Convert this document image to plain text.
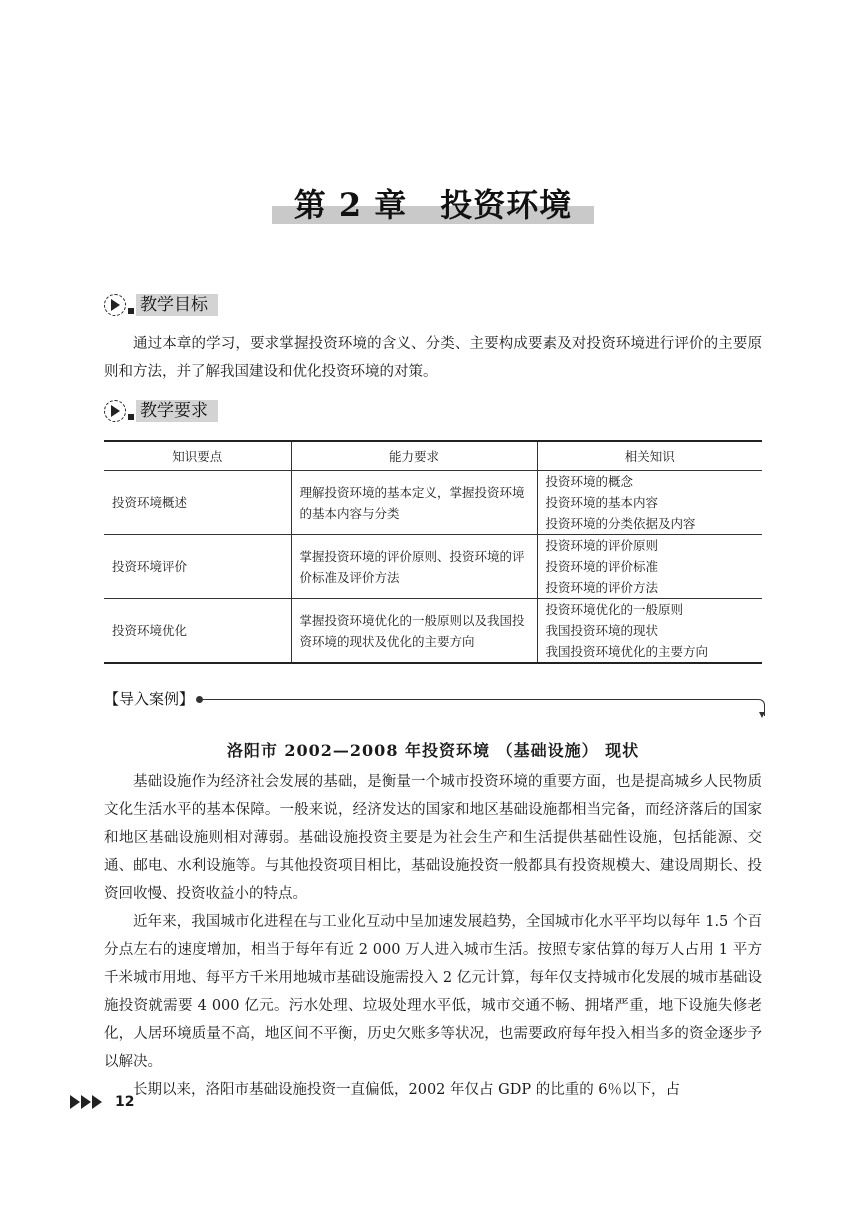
第 2 章　投资环境
教学目标

通过本章的学习，要求掌握投资环境的含义、分类、主要构成要素及对投资环境进行评价的主要原则和方法，并了解我国建设和优化投资环境的对策。

教学要求
知识要点	能力要求	相关知识
投资环境概述	理解投资环境的基本定义，掌握投资环境的基本内容与分类	投资环境的概念
投资环境的基本内容
投资环境的分类依据及内容

投资环境评价	掌握投资环境的评价原则、投资环境的评价标准及评价方法	投资环境的评价原则
投资环境的评价标准
投资环境的评价方法

投资环境优化	掌握投资环境优化的一般原则以及我国投资环境的现状及优化的主要方向	投资环境优化的一般原则
我国投资环境的现状
我国投资环境优化的主要方向
【导入案例】
洛阳市 2002—2008 年投资环境 （基础设施） 现状

基础设施作为经济社会发展的基础，是衡量一个城市投资环境的重要方面，也是提高城乡人民物质文化生活水平的基本保障。一般来说，经济发达的国家和地区基础设施都相当完备，而经济落后的国家和地区基础设施则相对薄弱。基础设施投资主要是为社会生产和生活提供基础性设施，包括能源、交通、邮电、水利设施等。与其他投资项目相比，基础设施投资一般都具有投资规模大、建设周期长、投资回收慢、投资收益小的特点。

近年来，我国城市化进程在与工业化互动中呈加速发展趋势，全国城市化水平平均以每年 1.5 个百分点左右的速度增加，相当于每年有近 2 000 万人进入城市生活。按照专家估算的每万人占用 1 平方千米城市用地、每平方千米用地城市基础设施需投入 2 亿元计算，每年仅支持城市化发展的城市基础设施投资就需要 4 000 亿元。污水处理、垃圾处理水平低，城市交通不畅、拥堵严重，地下设施失修老化，人居环境质量不高，地区间不平衡，历史欠账多等状况，也需要政府每年投入相当多的资金逐步予以解决。

长期以来，洛阳市基础设施投资一直偏低，2002 年仅占 GDP 的比重的 6％以下，占

12
